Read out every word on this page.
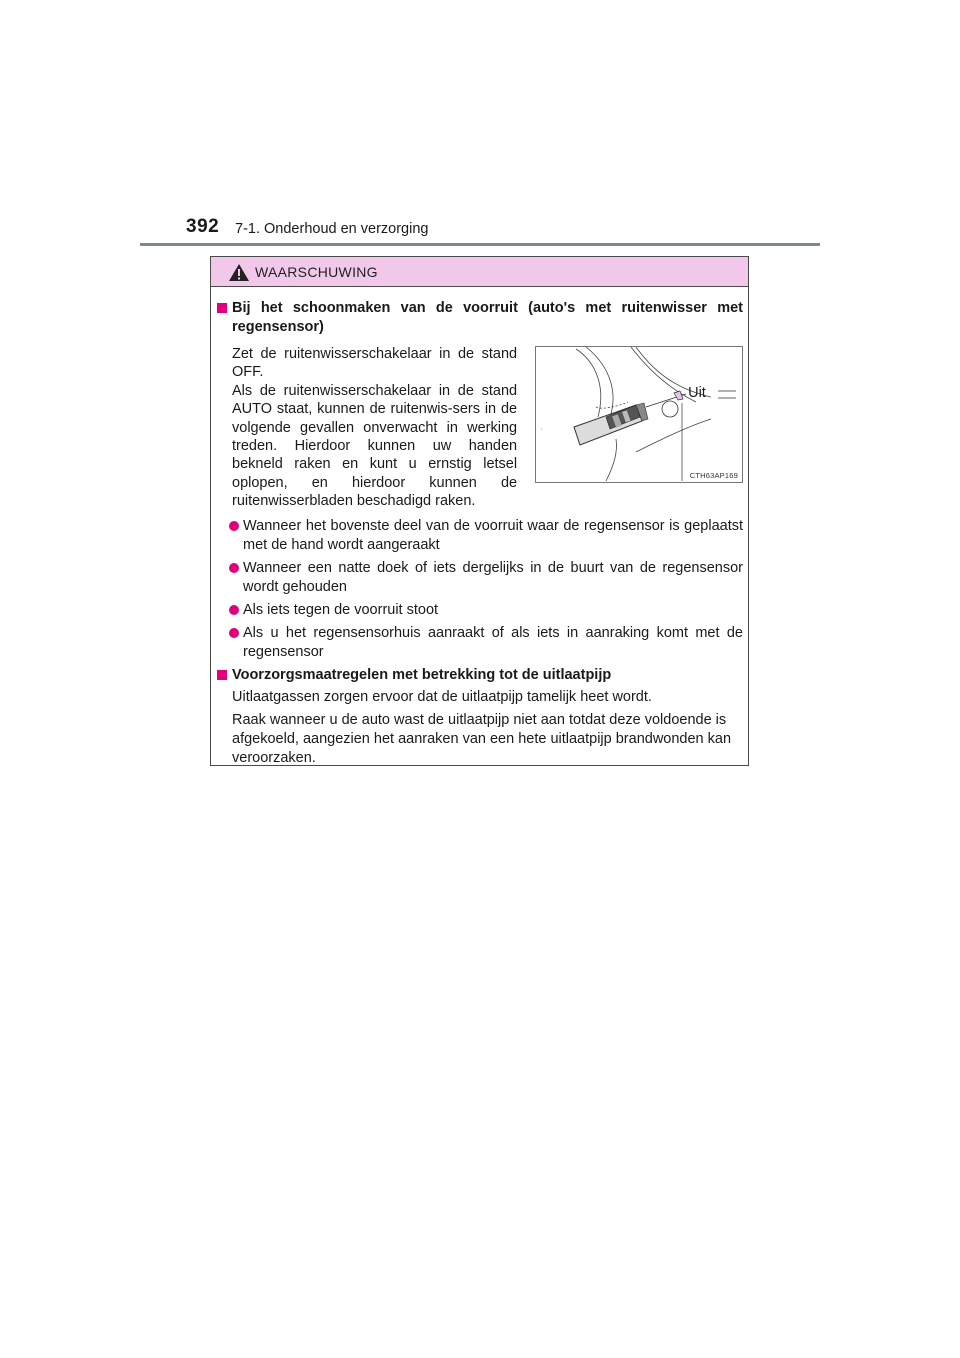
392 7-1. Onderhoud en verzorging
WAARSCHUWING
Bij het schoonmaken van de voorruit (auto's met ruitenwisser met regensensor)

Zet de ruitenwisserschakelaar in de stand OFF.

Als de ruitenwisserschakelaar in de stand AUTO staat, kunnen de ruitenwis-sers in de volgende gevallen onverwacht in werking treden. Hierdoor kunnen uw handen bekneld raken en kunt u ernstig letsel oplopen, en hierdoor kunnen de ruitenwisserbladen beschadigd raken.

,
Uit
CTH63AP169
Wanneer het bovenste deel van de voorruit waar de regensensor is geplaatst met de hand wordt aangeraakt
Wanneer een natte doek of iets dergelijks in de buurt van de regensensor wordt gehouden
Als iets tegen de voorruit stoot
Als u het regensensorhuis aanraakt of als iets in aanraking komt met de regensensor
Voorzorgsmaatregelen met betrekking tot de uitlaatpijp
Uitlaatgassen zorgen ervoor dat de uitlaatpijp tamelijk heet wordt.
Raak wanneer u de auto wast de uitlaatpijp niet aan totdat deze voldoende is afgekoeld, aangezien het aanraken van een hete uitlaatpijp brandwonden kan veroorzaken.
